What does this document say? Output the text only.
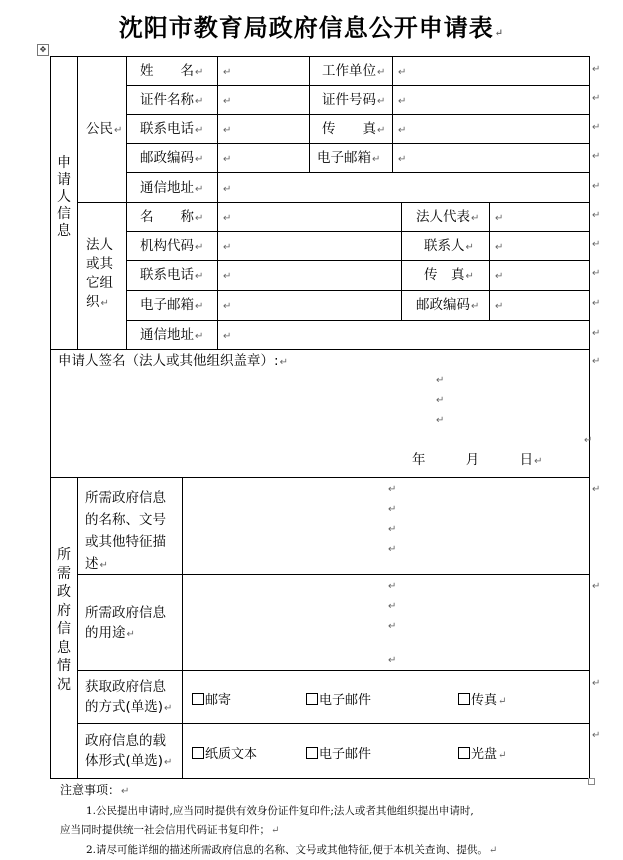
沈阳市教育局政府信息公开申请表↵
✥
申
请
人
信
息
公民↵
姓　　名↵ ↵	工作单位↵ ↵
证件名称↵ ↵	证件号码↵ ↵
联系电话↵ ↵	传　　真↵ ↵
邮政编码↵ ↵	电子邮箱↵ ↵
通信地址↵ ↵
法人
或其
它组
织↵
名　　称↵ ↵	法人代表↵ ↵
机构代码↵ ↵	联系人↵ ↵
联系电话↵ ↵	传　真↵ ↵
电子邮箱↵ ↵	邮政编码↵ ↵
通信地址↵ ↵
↵
↵
↵
↵
↵
↵
↵
↵
↵
↵
↵
申请人签名（法人或其他组织盖章）:↵
↵
↵
↵
↵
年	月	日↵
所
需
政
府
信
息
情
况
所需政府信息
的名称、文号
或其他特征描
述↵
↵
↵
↵
↵
↵
所需政府信息
的用途↵
↵
↵
↵
↵
↵
获取政府信息
的方式(单选)↵
邮寄	电子邮件	传真↵
↵
政府信息的载
体形式(单选)↵
纸质文本	电子邮件	光盘↵
↵
注意事项：↵
1.公民提出申请时,应当同时提供有效身份证件复印件;法人或者其他组织提出申请时,
应当同时提供统一社会信用代码证书复印件；↵
2.请尽可能详细的描述所需政府信息的名称、文号或其他特征,便于本机关查询、提供。↵
